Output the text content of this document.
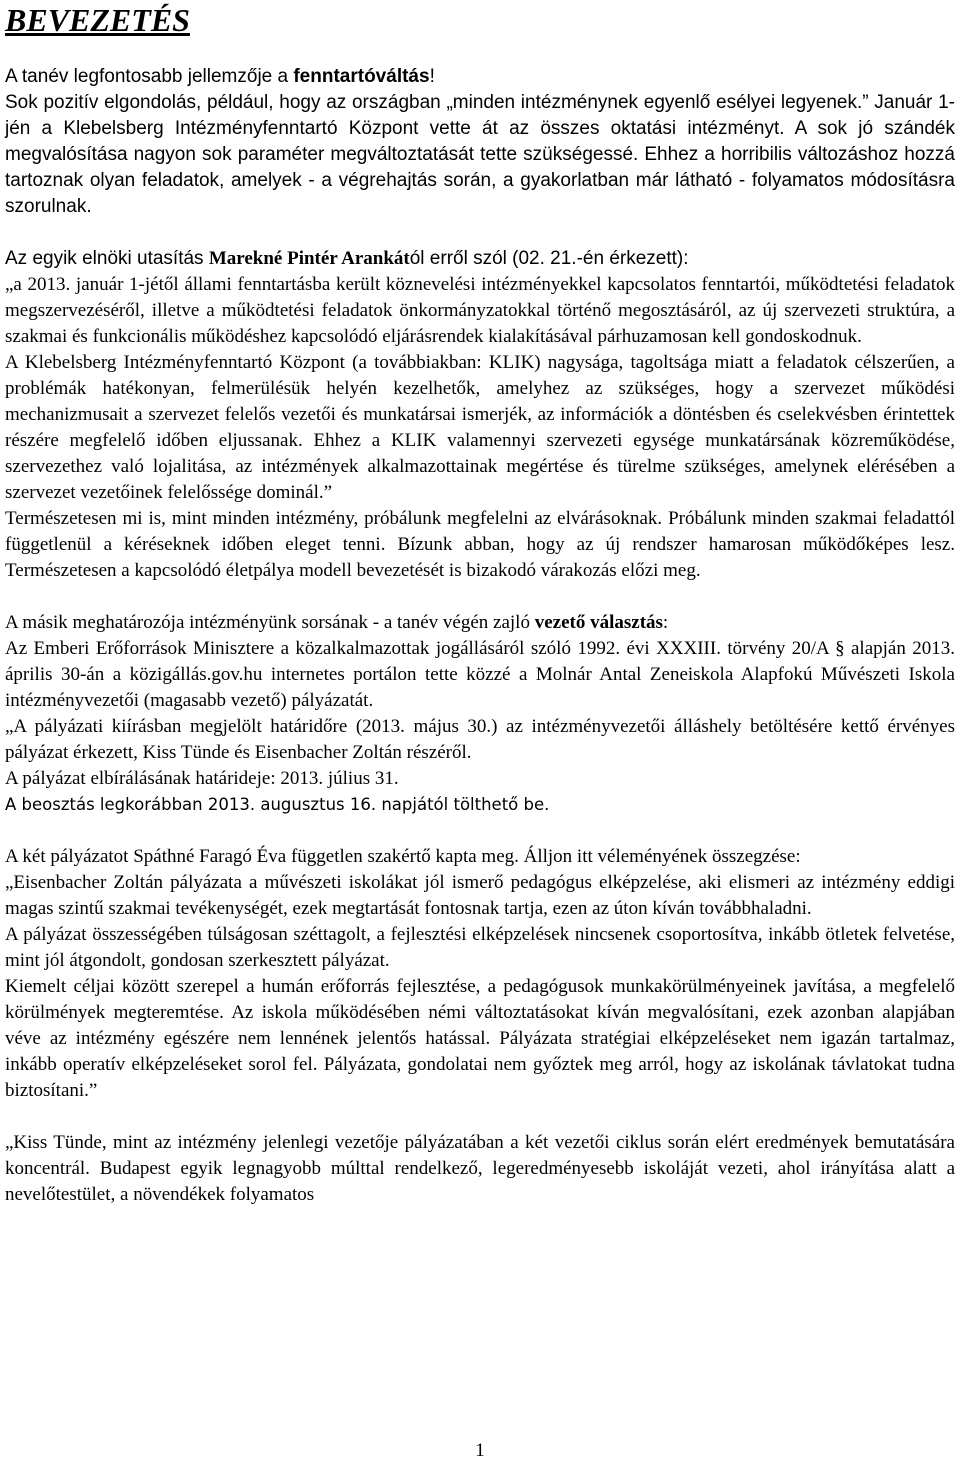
BEVEZETÉS

A tanév legfontosabb jellemzője a fenntartóváltás!

Sok pozitív elgondolás, például, hogy az országban „minden intézménynek egyenlő esélyei legyenek.” Január 1-jén a Klebelsberg Intézményfenntartó Központ vette át az összes oktatási intézményt. A sok jó szándék megvalósítása nagyon sok paraméter megváltoztatását tette szükségessé. Ehhez a horribilis változáshoz hozzá tartoznak olyan feladatok, amelyek - a végrehajtás során, a gyakorlatban már látható - folyamatos módosításra szorulnak.

Az egyik elnöki utasítás Marekné Pintér Arankától erről szól (02. 21.-én érkezett):

„a 2013. január 1-jétől állami fenntartásba került köznevelési intézményekkel kapcsolatos fenntartói, működtetési feladatok megszervezéséről, illetve a működtetési feladatok önkormányzatokkal történő megosztásáról, az új szervezeti struktúra, a szakmai és funkcionális működéshez kapcsolódó eljárásrendek kialakításával párhuzamosan kell gondoskodnuk.

A Klebelsberg Intézményfenntartó Központ (a továbbiakban: KLIK) nagysága, tagoltsága miatt a feladatok célszerűen, a problémák hatékonyan, felmerülésük helyén kezelhetők, amelyhez az szükséges, hogy a szervezet működési mechanizmusait a szervezet felelős vezetői és munkatársai ismerjék, az információk a döntésben és cselekvésben érintettek részére megfelelő időben eljussanak. Ehhez a KLIK valamennyi szervezeti egysége munkatársának közreműködése, szervezethez való lojalitása, az intézmények alkalmazottainak megértése és türelme szükséges, amelynek elérésében a szervezet vezetőinek felelőssége dominál.”

Természetesen mi is, mint minden intézmény, próbálunk megfelelni az elvárásoknak. Próbálunk minden szakmai feladattól függetlenül a kéréseknek időben eleget tenni. Bízunk abban, hogy az új rendszer hamarosan működőképes lesz. Természetesen a kapcsolódó életpálya modell bevezetését is bizakodó várakozás előzi meg.

A másik meghatározója intézményünk sorsának - a tanév végén zajló vezető választás:

Az Emberi Erőforrások Minisztere a közalkalmazottak jogállásáról szóló 1992. évi XXXIII. törvény 20/A § alapján 2013. április 30-án a közigállás.gov.hu internetes portálon tette közzé a Molnár Antal Zeneiskola Alapfokú Művészeti Iskola intézményvezetői (magasabb vezető) pályázatát.

„A pályázati kiírásban megjelölt határidőre (2013. május 30.) az intézményvezetői álláshely betöltésére kettő érvényes pályázat érkezett, Kiss Tünde és Eisenbacher Zoltán részéről.

A pályázat elbírálásának határideje: 2013. július 31.

A beosztás legkorábban 2013. augusztus 16. napjától tölthető be.

A két pályázatot Spáthné Faragó Éva független szakértő kapta meg. Álljon itt véleményének összegzése:

„Eisenbacher Zoltán pályázata a művészeti iskolákat jól ismerő pedagógus elképzelése, aki elismeri az intézmény eddigi magas szintű szakmai tevékenységét, ezek megtartását fontosnak tartja, ezen az úton kíván továbbhaladni.

A pályázat összességében túlságosan széttagolt, a fejlesztési elképzelések nincsenek csoportosítva, inkább ötletek felvetése, mint jól átgondolt, gondosan szerkesztett pályázat.

Kiemelt céljai között szerepel a humán erőforrás fejlesztése, a pedagógusok munkakörülményeinek javítása, a megfelelő körülmények megteremtése. Az iskola működésében némi változtatásokat kíván megvalósítani, ezek azonban alapjában véve az intézmény egészére nem lennének jelentős hatással. Pályázata stratégiai elképzeléseket nem igazán tartalmaz, inkább operatív elképzeléseket sorol fel. Pályázata, gondolatai nem győztek meg arról, hogy az iskolának távlatokat tudna biztosítani.”

„Kiss Tünde, mint az intézmény jelenlegi vezetője pályázatában a két vezetői ciklus során elért eredmények bemutatására koncentrál. Budapest egyik legnagyobb múlttal rendelkező, legeredményesebb iskoláját vezeti, ahol irányítása alatt a nevelőtestület, a növendékek folyamatos

1
